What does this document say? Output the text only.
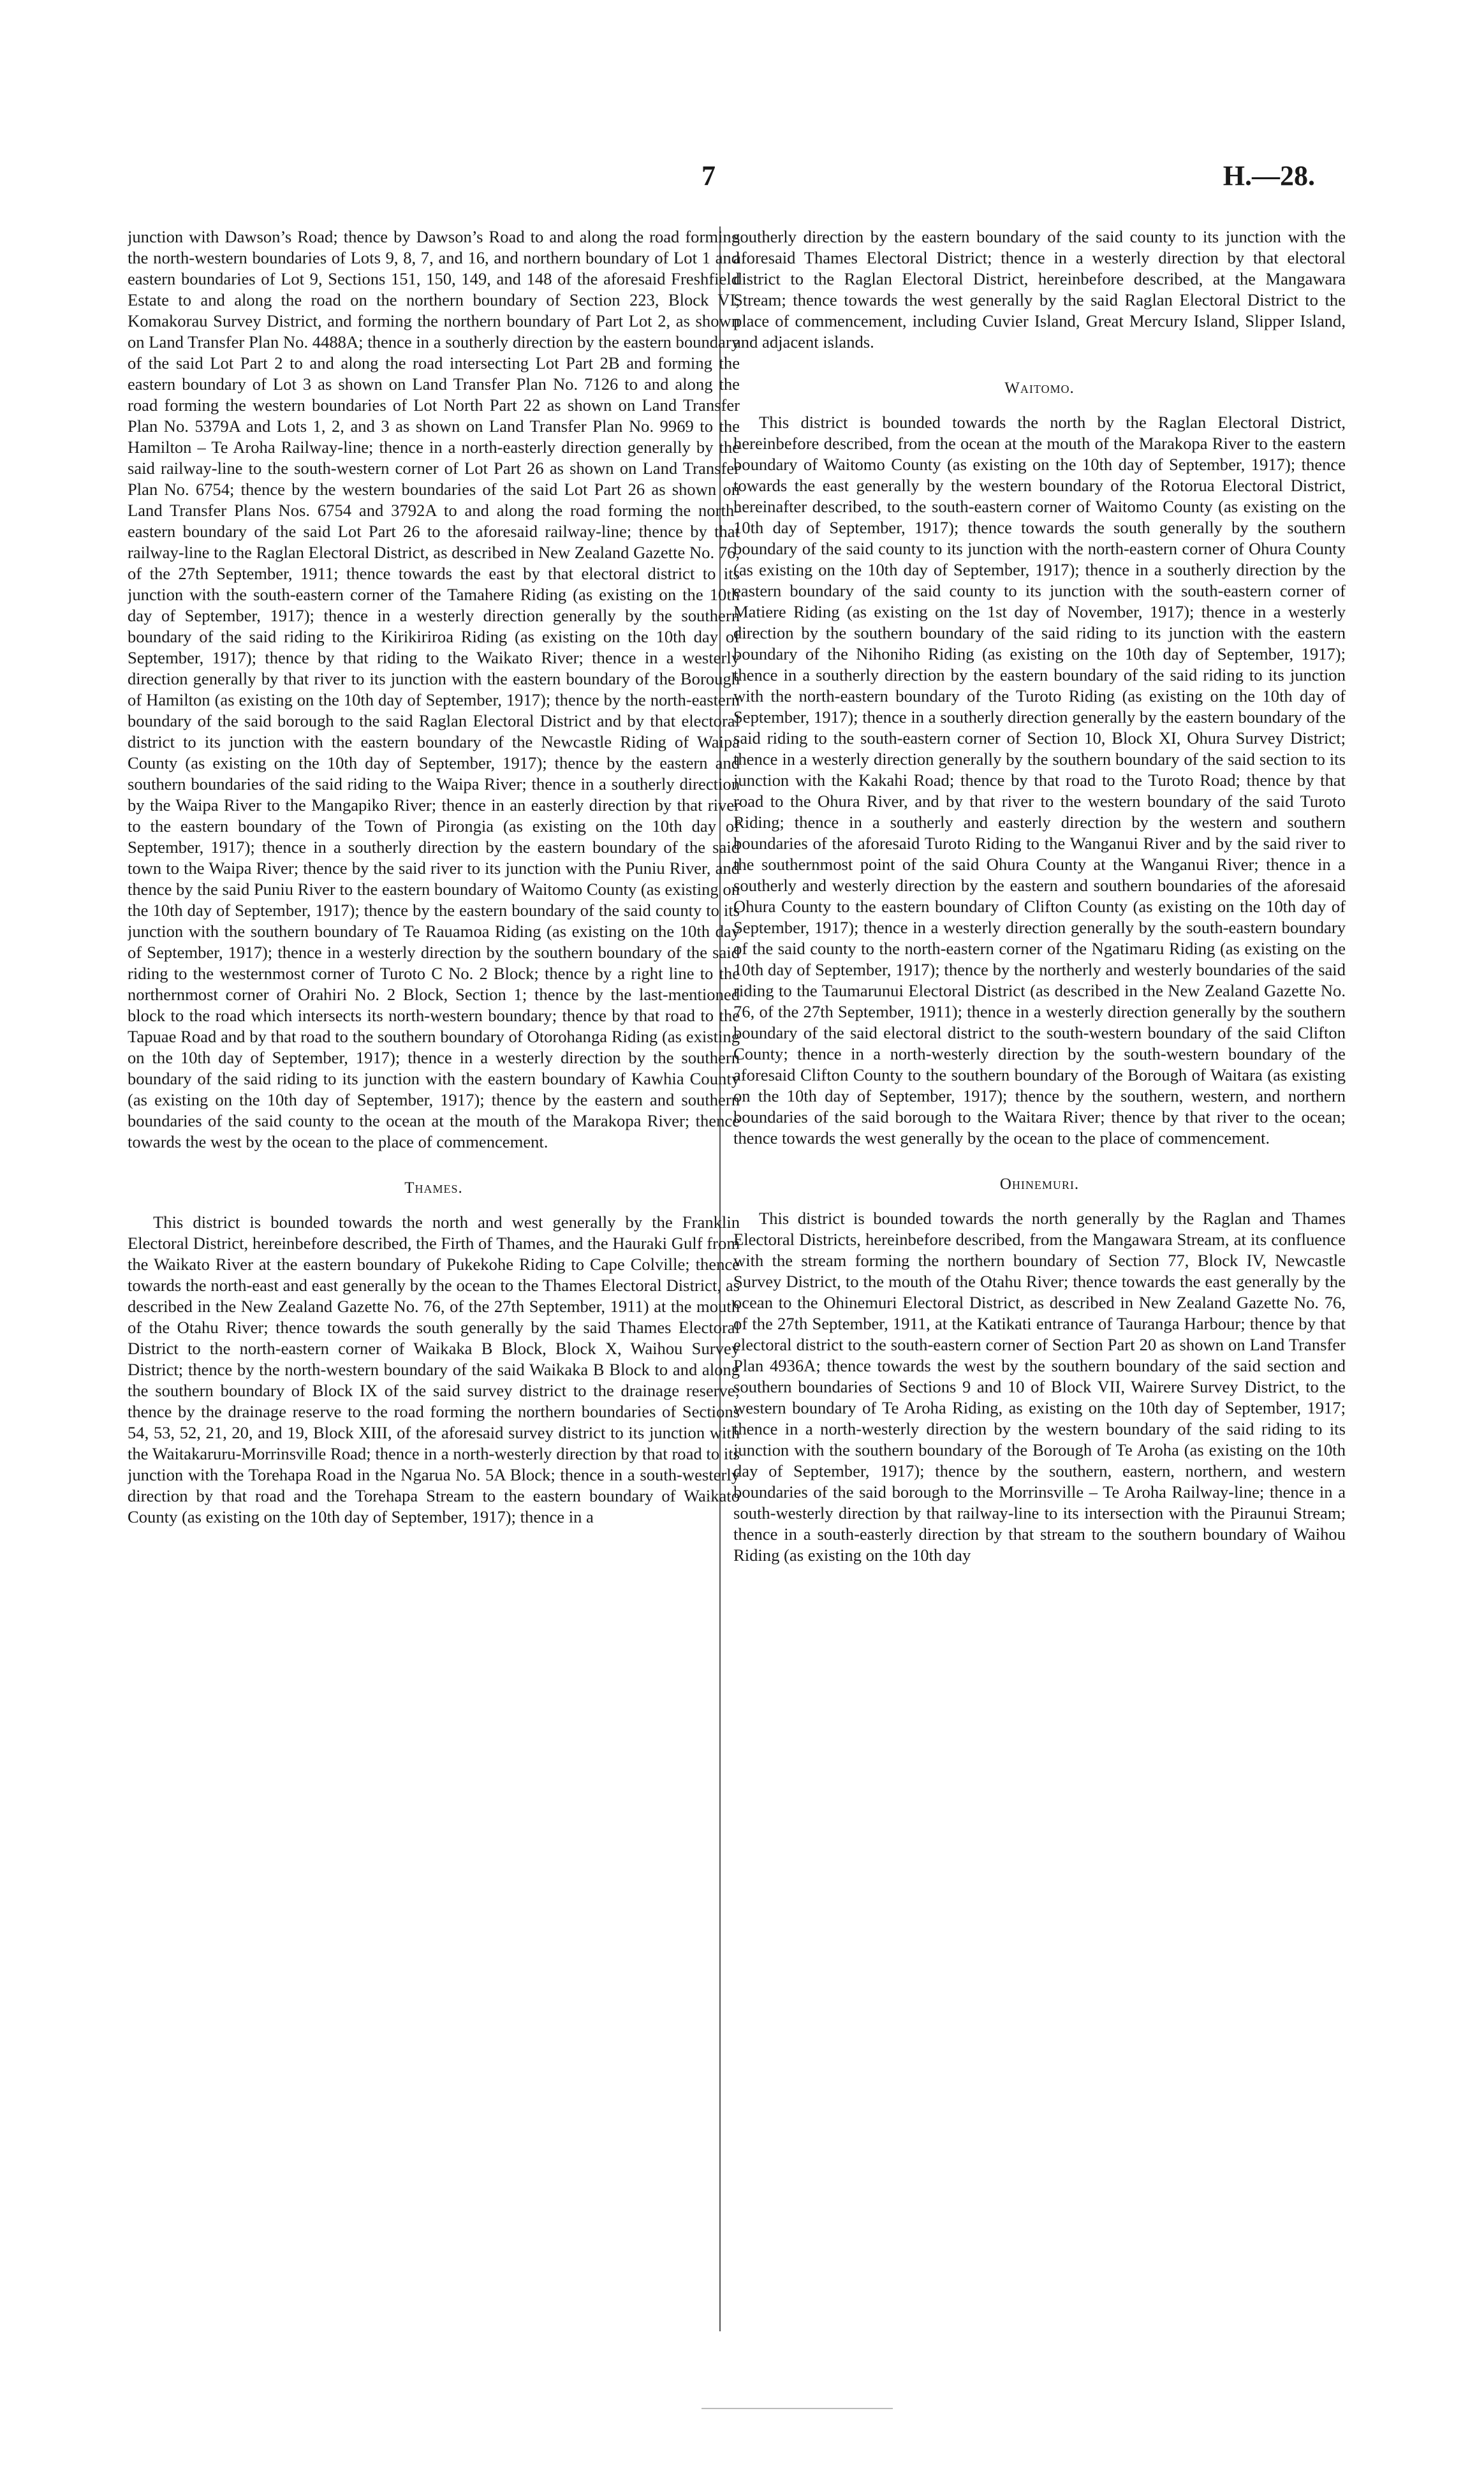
7	H.—28.

junction with Dawson’s Road; thence by Dawson’s Road to and along the road forming the north-western boundaries of Lots 9, 8, 7, and 16, and northern boundary of Lot 1 and eastern boundaries of Lot 9, Sections 151, 150, 149, and 148 of the aforesaid Freshfield Estate to and along the road on the northern boundary of Section 223, Block VI, Komakorau Survey District, and forming the northern boundary of Part Lot 2, as shown on Land Transfer Plan No. 4488A; thence in a southerly direction by the eastern boundary of the said Lot Part 2 to and along the road intersecting Lot Part 2B and forming the eastern boundary of Lot 3 as shown on Land Transfer Plan No. 7126 to and along the road forming the western boundaries of Lot North Part 22 as shown on Land Transfer Plan No. 5379A and Lots 1, 2, and 3 as shown on Land Transfer Plan No. 9969 to the Hamilton – Te Aroha Railway-line; thence in a north-easterly direction generally by the said railway-line to the south-western corner of Lot Part 26 as shown on Land Transfer Plan No. 6754; thence by the western boundaries of the said Lot Part 26 as shown on Land Transfer Plans Nos. 6754 and 3792A to and along the road forming the north-eastern boundary of the said Lot Part 26 to the aforesaid railway-line; thence by that railway-line to the Raglan Electoral District, as described in New Zealand Gazette No. 76, of the 27th September, 1911; thence towards the east by that electoral district to its junction with the south-eastern corner of the Tamahere Riding (as existing on the 10th day of September, 1917); thence in a westerly direction generally by the southern boundary of the said riding to the Kirikiriroa Riding (as existing on the 10th day of September, 1917); thence by that riding to the Waikato River; thence in a westerly direction generally by that river to its junction with the eastern boundary of the Borough of Hamilton (as existing on the 10th day of September, 1917); thence by the north-eastern boundary of the said borough to the said Raglan Electoral District and by that electoral district to its junction with the eastern boundary of the Newcastle Riding of Waipa County (as existing on the 10th day of September, 1917); thence by the eastern and southern boundaries of the said riding to the Waipa River; thence in a southerly direction by the Waipa River to the Mangapiko River; thence in an easterly direction by that river to the eastern boundary of the Town of Pirongia (as existing on the 10th day of September, 1917); thence in a southerly direction by the eastern boundary of the said town to the Waipa River; thence by the said river to its junction with the Puniu River, and thence by the said Puniu River to the eastern boundary of Waitomo County (as existing on the 10th day of September, 1917); thence by the eastern boundary of the said county to its junction with the southern boundary of Te Rauamoa Riding (as existing on the 10th day of September, 1917); thence in a westerly direction by the southern boundary of the said riding to the westernmost corner of Turoto C No. 2 Block; thence by a right line to the northernmost corner of Orahiri No. 2 Block, Section 1; thence by the last-mentioned block to the road which intersects its north-western boundary; thence by that road to the Tapuae Road and by that road to the southern boundary of Otorohanga Riding (as existing on the 10th day of September, 1917); thence in a westerly direction by the southern boundary of the said riding to its junction with the eastern boundary of Kawhia County (as existing on the 10th day of September, 1917); thence by the eastern and southern boundaries of the said county to the ocean at the mouth of the Marakopa River; thence towards the west by the ocean to the place of commencement.

Thames.

This district is bounded towards the north and west generally by the Franklin Electoral District, hereinbefore described, the Firth of Thames, and the Hauraki Gulf from the Waikato River at the eastern boundary of Pukekohe Riding to Cape Colville; thence towards the north-east and east generally by the ocean to the Thames Electoral District, as described in the New Zealand Gazette No. 76, of the 27th September, 1911) at the mouth of the Otahu River; thence towards the south generally by the said Thames Electoral District to the north-eastern corner of Waikaka B Block, Block X, Waihou Survey District; thence by the north-western boundary of the said Waikaka B Block to and along the southern boundary of Block IX of the said survey district to the drainage reserve; thence by the drainage reserve to the road forming the northern boundaries of Sections 54, 53, 52, 21, 20, and 19, Block XIII, of the aforesaid survey district to its junction with the Waitakaruru-Morrinsville Road; thence in a north-westerly direction by that road to its junction with the Torehapa Road in the Ngarua No. 5A Block; thence in a south-westerly direction by that road and the Torehapa Stream to the eastern boundary of Waikato County (as existing on the 10th day of September, 1917); thence in a

southerly direction by the eastern boundary of the said county to its junction with the aforesaid Thames Electoral District; thence in a westerly direction by that electoral district to the Raglan Electoral District, hereinbefore described, at the Mangawara Stream; thence towards the west generally by the said Raglan Electoral District to the place of commencement, including Cuvier Island, Great Mercury Island, Slipper Island, and adjacent islands.

Waitomo.

This district is bounded towards the north by the Raglan Electoral District, hereinbefore described, from the ocean at the mouth of the Marakopa River to the eastern boundary of Waitomo County (as existing on the 10th day of September, 1917); thence towards the east generally by the western boundary of the Rotorua Electoral District, hereinafter described, to the south-eastern corner of Waitomo County (as existing on the 10th day of September, 1917); thence towards the south generally by the southern boundary of the said county to its junction with the north-eastern corner of Ohura County (as existing on the 10th day of September, 1917); thence in a southerly direction by the eastern boundary of the said county to its junction with the south-eastern corner of Matiere Riding (as existing on the 1st day of November, 1917); thence in a westerly direction by the southern boundary of the said riding to its junction with the eastern boundary of the Nihoniho Riding (as existing on the 10th day of September, 1917); thence in a southerly direction by the eastern boundary of the said riding to its junction with the north-eastern boundary of the Turoto Riding (as existing on the 10th day of September, 1917); thence in a southerly direction generally by the eastern boundary of the said riding to the south-eastern corner of Section 10, Block XI, Ohura Survey District; thence in a westerly direction generally by the southern boundary of the said section to its junction with the Kakahi Road; thence by that road to the Turoto Road; thence by that road to the Ohura River, and by that river to the western boundary of the said Turoto Riding; thence in a southerly and easterly direction by the western and southern boundaries of the aforesaid Turoto Riding to the Wanganui River and by the said river to the southernmost point of the said Ohura County at the Wanganui River; thence in a southerly and westerly direction by the eastern and southern boundaries of the aforesaid Ohura County to the eastern boundary of Clifton County (as existing on the 10th day of September, 1917); thence in a westerly direction generally by the south-eastern boundary of the said county to the north-eastern corner of the Ngatimaru Riding (as existing on the 10th day of September, 1917); thence by the northerly and westerly boundaries of the said riding to the Taumarunui Electoral District (as described in the New Zealand Gazette No. 76, of the 27th September, 1911); thence in a westerly direction generally by the southern boundary of the said electoral district to the south-western boundary of the said Clifton County; thence in a north-westerly direction by the south-western boundary of the aforesaid Clifton County to the southern boundary of the Borough of Waitara (as existing on the 10th day of September, 1917); thence by the southern, western, and northern boundaries of the said borough to the Waitara River; thence by that river to the ocean; thence towards the west generally by the ocean to the place of commencement.

Ohinemuri.

This district is bounded towards the north generally by the Raglan and Thames Electoral Districts, hereinbefore described, from the Mangawara Stream, at its confluence with the stream forming the northern boundary of Section 77, Block IV, Newcastle Survey District, to the mouth of the Otahu River; thence towards the east generally by the ocean to the Ohinemuri Electoral District, as described in New Zealand Gazette No. 76, of the 27th September, 1911, at the Katikati entrance of Tauranga Harbour; thence by that electoral district to the south-eastern corner of Section Part 20 as shown on Land Transfer Plan 4936A; thence towards the west by the southern boundary of the said section and southern boundaries of Sections 9 and 10 of Block VII, Wairere Survey District, to the western boundary of Te Aroha Riding, as existing on the 10th day of September, 1917; thence in a north-westerly direction by the western boundary of the said riding to its junction with the southern boundary of the Borough of Te Aroha (as existing on the 10th day of September, 1917); thence by the southern, eastern, northern, and western boundaries of the said borough to the Morrinsville – Te Aroha Railway-line; thence in a south-westerly direction by that railway-line to its intersection with the Piraunui Stream; thence in a south-easterly direction by that stream to the southern boundary of Waihou Riding (as existing on the 10th day
